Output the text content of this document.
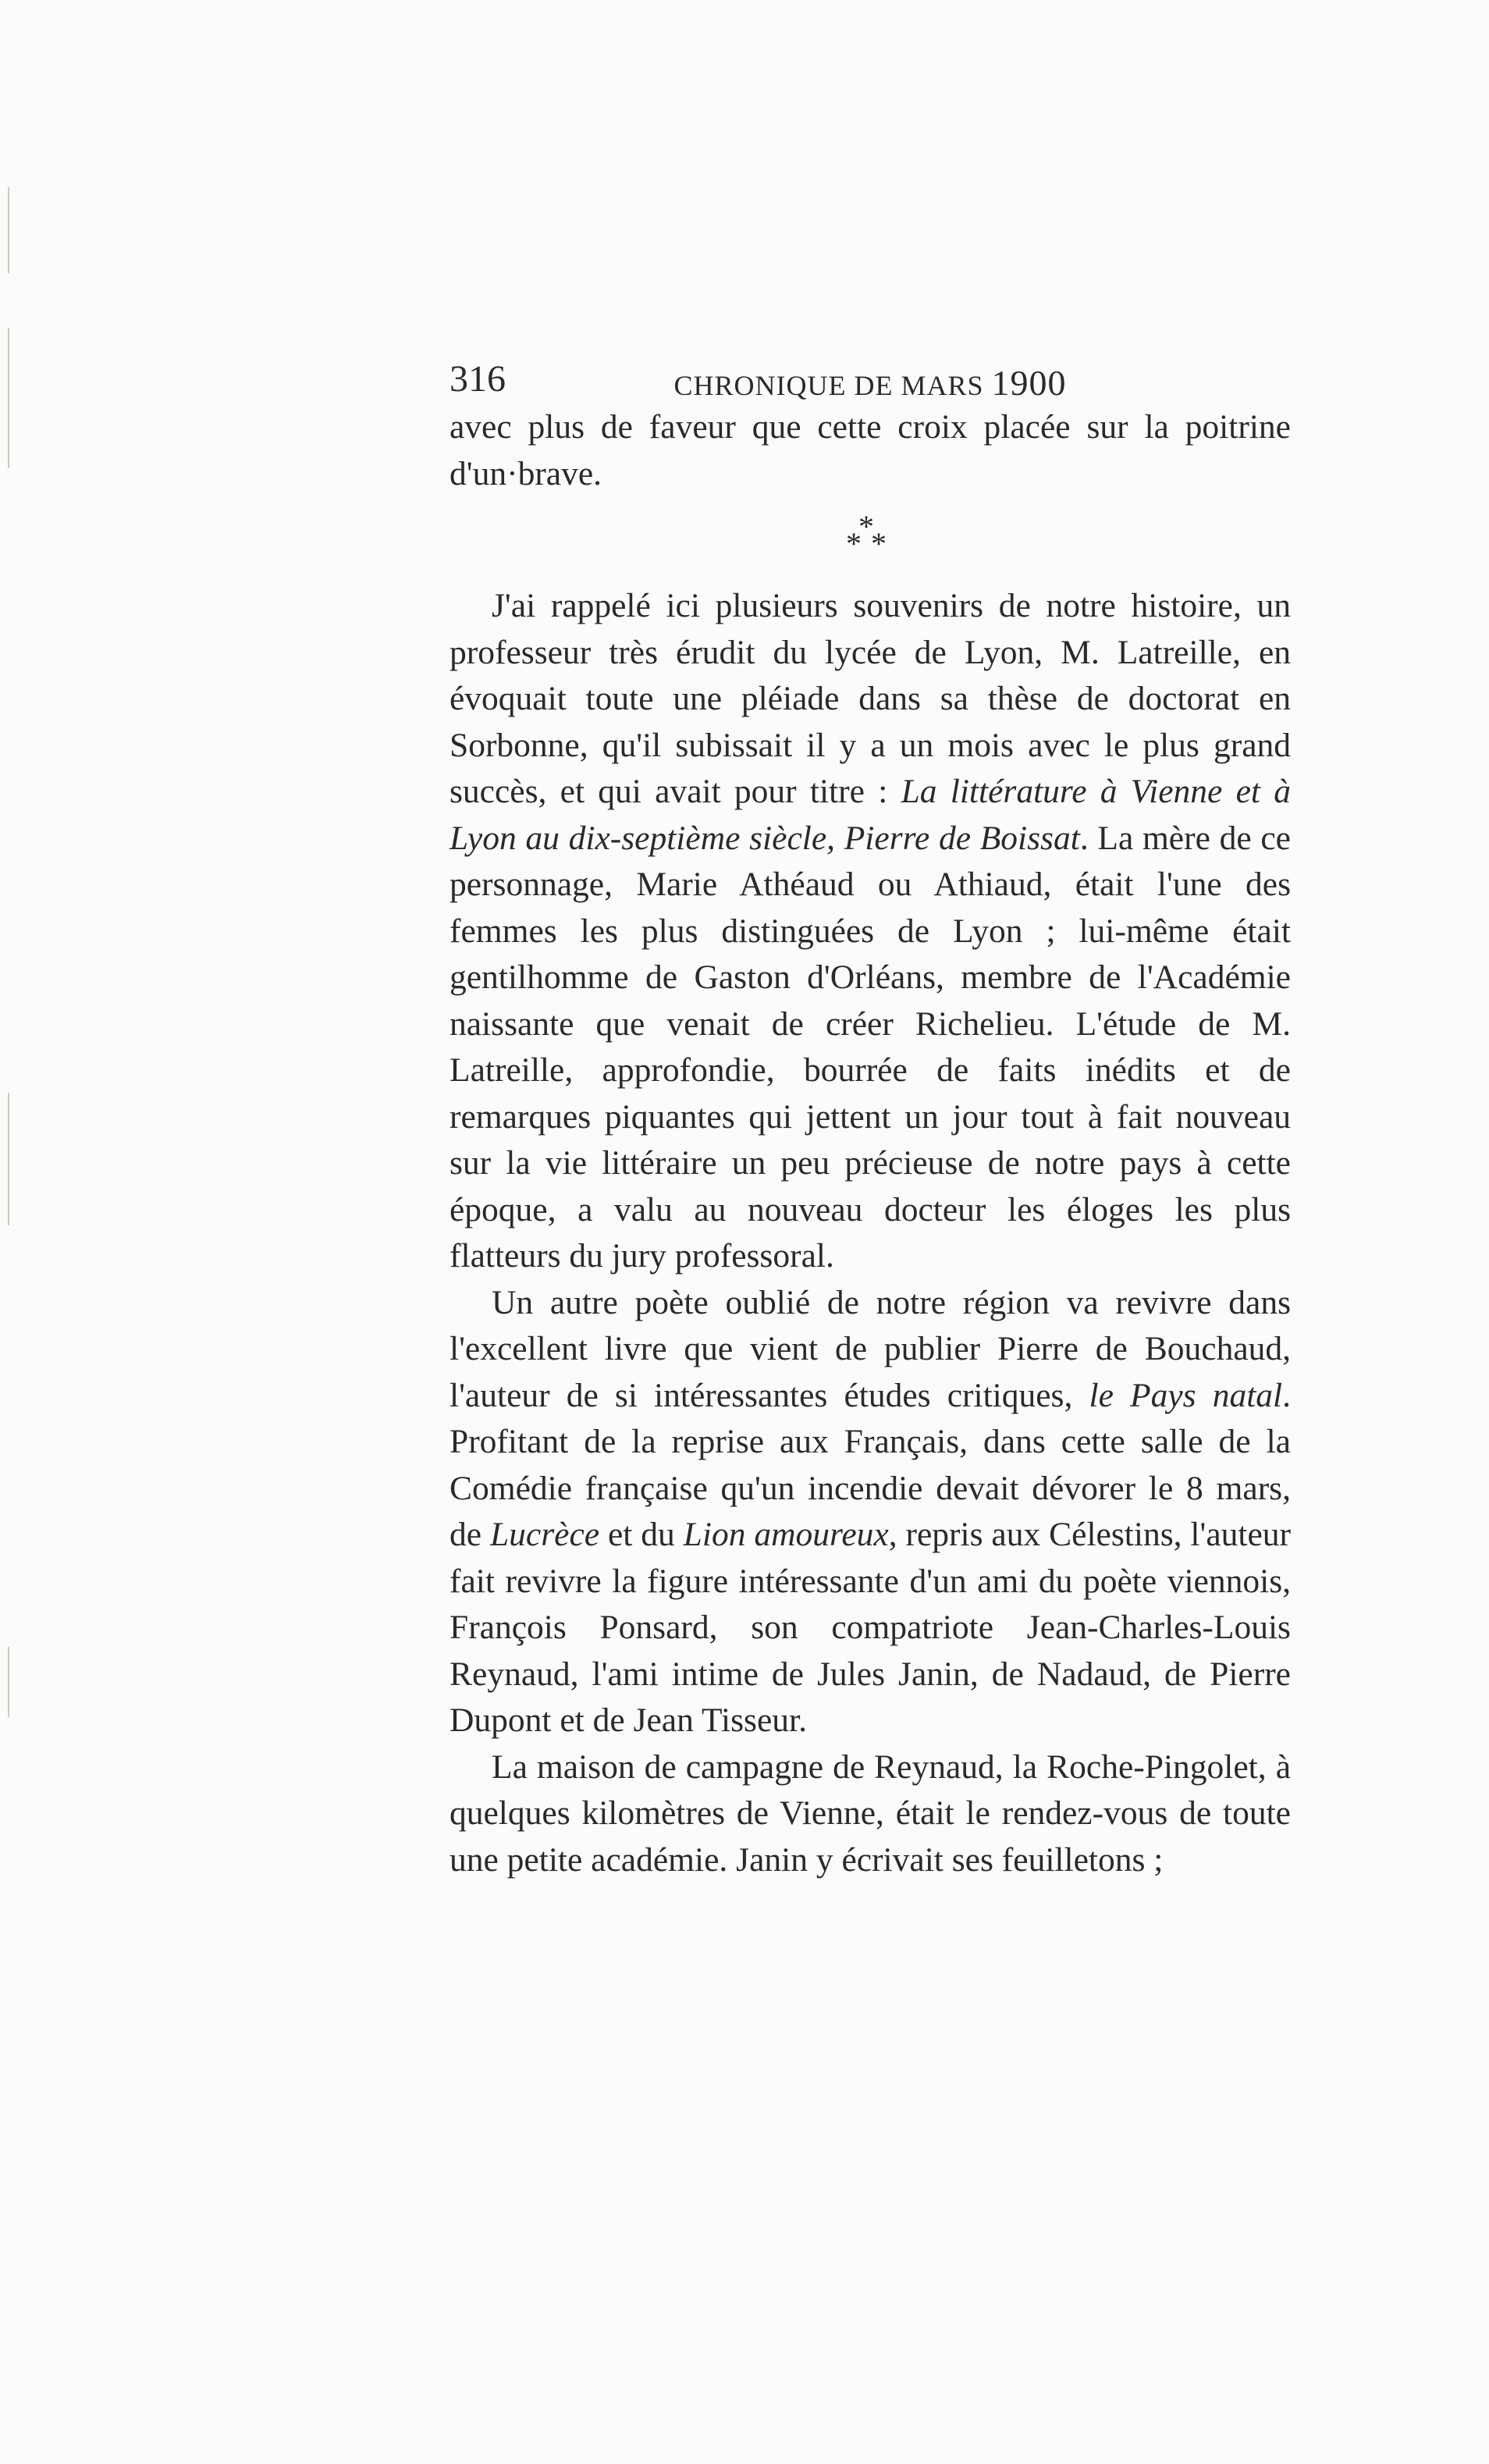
316	CHRONIQUE DE MARS 1900

avec plus de faveur que cette croix placée sur la poitrine d'un·brave.

*
* *

J'ai rappelé ici plusieurs souvenirs de notre histoire, un professeur très érudit du lycée de Lyon, M. Latreille, en évoquait toute une pléiade dans sa thèse de doctorat en Sorbonne, qu'il subissait il y a un mois avec le plus grand succès, et qui avait pour titre : La littérature à Vienne et à Lyon au dix-septième siècle, Pierre de Boissat. La mère de ce personnage, Marie Athéaud ou Athiaud, était l'une des femmes les plus distinguées de Lyon ; lui-même était gentilhomme de Gaston d'Orléans, membre de l'Académie naissante que venait de créer Richelieu. L'étude de M. Latreille, approfondie, bourrée de faits inédits et de remarques piquantes qui jettent un jour tout à fait nouveau sur la vie littéraire un peu précieuse de notre pays à cette époque, a valu au nouveau docteur les éloges les plus flatteurs du jury professoral.

Un autre poète oublié de notre région va revivre dans l'excellent livre que vient de publier Pierre de Bouchaud, l'auteur de si intéressantes études critiques, le Pays natal. Profitant de la reprise aux Français, dans cette salle de la Comédie française qu'un incendie devait dévorer le 8 mars, de Lucrèce et du Lion amoureux, repris aux Célestins, l'auteur fait revivre la figure intéressante d'un ami du poète viennois, François Ponsard, son compatriote Jean-Charles-Louis Reynaud, l'ami intime de Jules Janin, de Nadaud, de Pierre Dupont et de Jean Tisseur.

La maison de campagne de Reynaud, la Roche-Pingolet, à quelques kilomètres de Vienne, était le rendez-vous de toute une petite académie. Janin y écrivait ses feuilletons ;
